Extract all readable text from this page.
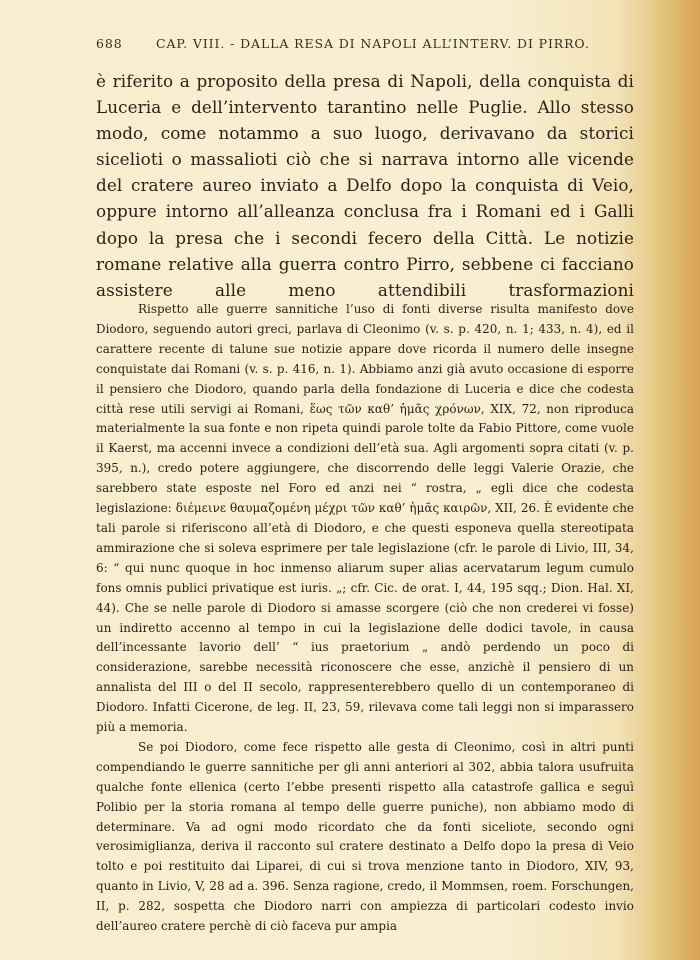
688	CAP. VIII. - DALLA RESA DI NAPOLI ALL’INTERV. DI PIRRO.

è riferito a proposito della presa di Napoli, della conquista di Luceria e dell’intervento tarantino nelle Puglie. Allo stesso modo, come notammo a suo luogo, derivavano da storici sicelioti o massalioti ciò che si narrava intorno alle vicende del cratere aureo inviato a Delfo dopo la conquista di Veio, oppure intorno all’alleanza conclusa fra i Romani ed i Galli dopo la presa che i secondi fecero della Città. Le notizie romane relative alla guerra contro Pirro, sebbene ci facciano assistere alle meno attendibili trasformazioni

Rispetto alle guerre sannitiche l’uso di fonti diverse risulta manifesto dove Diodoro, seguendo autori greci, parlava di Cleonimo (v. s. p. 420, n. 1; 433, n. 4), ed il carattere recente di talune sue notizie appare dove ricorda il numero delle insegne conquistate dai Romani (v. s. p. 416, n. 1). Abbiamo anzi già avuto occasione di esporre il pensiero che Diodoro, quando parla della fondazione di Luceria e dice che codesta città rese utili servigi ai Romani, ἕως τῶν καθ’ ἡμᾶς χρόνων, XIX, 72, non riproduca materialmente la sua fonte e non ripeta quindi parole tolte da Fabio Pittore, come vuole il Kaerst, ma accenni invece a condizioni dell’età sua. Agli argomenti sopra citati (v. p. 395, n.), credo potere aggiungere, che discorrendo delle leggi Valerie Orazie, che sarebbero state esposte nel Foro ed anzi nei “ rostra, „ egli dice che codesta legislazione: διέμεινε θαυμαζομένη μέχρι τῶν καθ’ ἡμᾶς καιρῶν, XII, 26. È evidente che tali parole si riferiscono all’età di Diodoro, e che questi esponeva quella stereotipata ammirazione che si soleva esprimere per tale legislazione (cfr. le parole di Livio, III, 34, 6: “ qui nunc quoque in hoc inmenso aliarum super alias acervatarum legum cumulo fons omnis publici privatique est iuris. „; cfr. Cic. de orat. I, 44, 195 sqq.; Dion. Hal. XI, 44). Che se nelle parole di Diodoro si amasse scorgere (ciò che non crederei vi fosse) un indiretto accenno al tempo in cui la legislazione delle dodici tavole, in causa dell’incessante lavorio dell’ “ ius praetorium „ andò perdendo un poco di considerazione, sarebbe necessità riconoscere che esse, anzichè il pensiero di un annalista del III o del II secolo, rappresenterebbero quello di un contemporaneo di Diodoro. Infatti Cicerone, de leg. II, 23, 59, rilevava come tali leggi non si imparassero più a memoria.

Se poi Diodoro, come fece rispetto alle gesta di Cleonimo, così in altri punti compendiando le guerre sannitiche per gli anni anteriori al 302, abbia talora usufruita qualche fonte ellenica (certo l’ebbe presenti rispetto alla catastrofe gallica e seguì Polibio per la storia romana al tempo delle guerre puniche), non abbiamo modo di determinare. Va ad ogni modo ricordato che da fonti siceliote, secondo ogni verosimiglianza, deriva il racconto sul cratere destinato a Delfo dopo la presa di Veio tolto e poi restituito dai Liparei, di cui si trova menzione tanto in Diodoro, XIV, 93, quanto in Livio, V, 28 ad a. 396. Senza ragione, credo, il Mommsen, roem. Forschungen, II, p. 282, sospetta che Diodoro narri con ampiezza di particolari codesto invio dell’aureo cratere perchè di ciò faceva pur ampia
